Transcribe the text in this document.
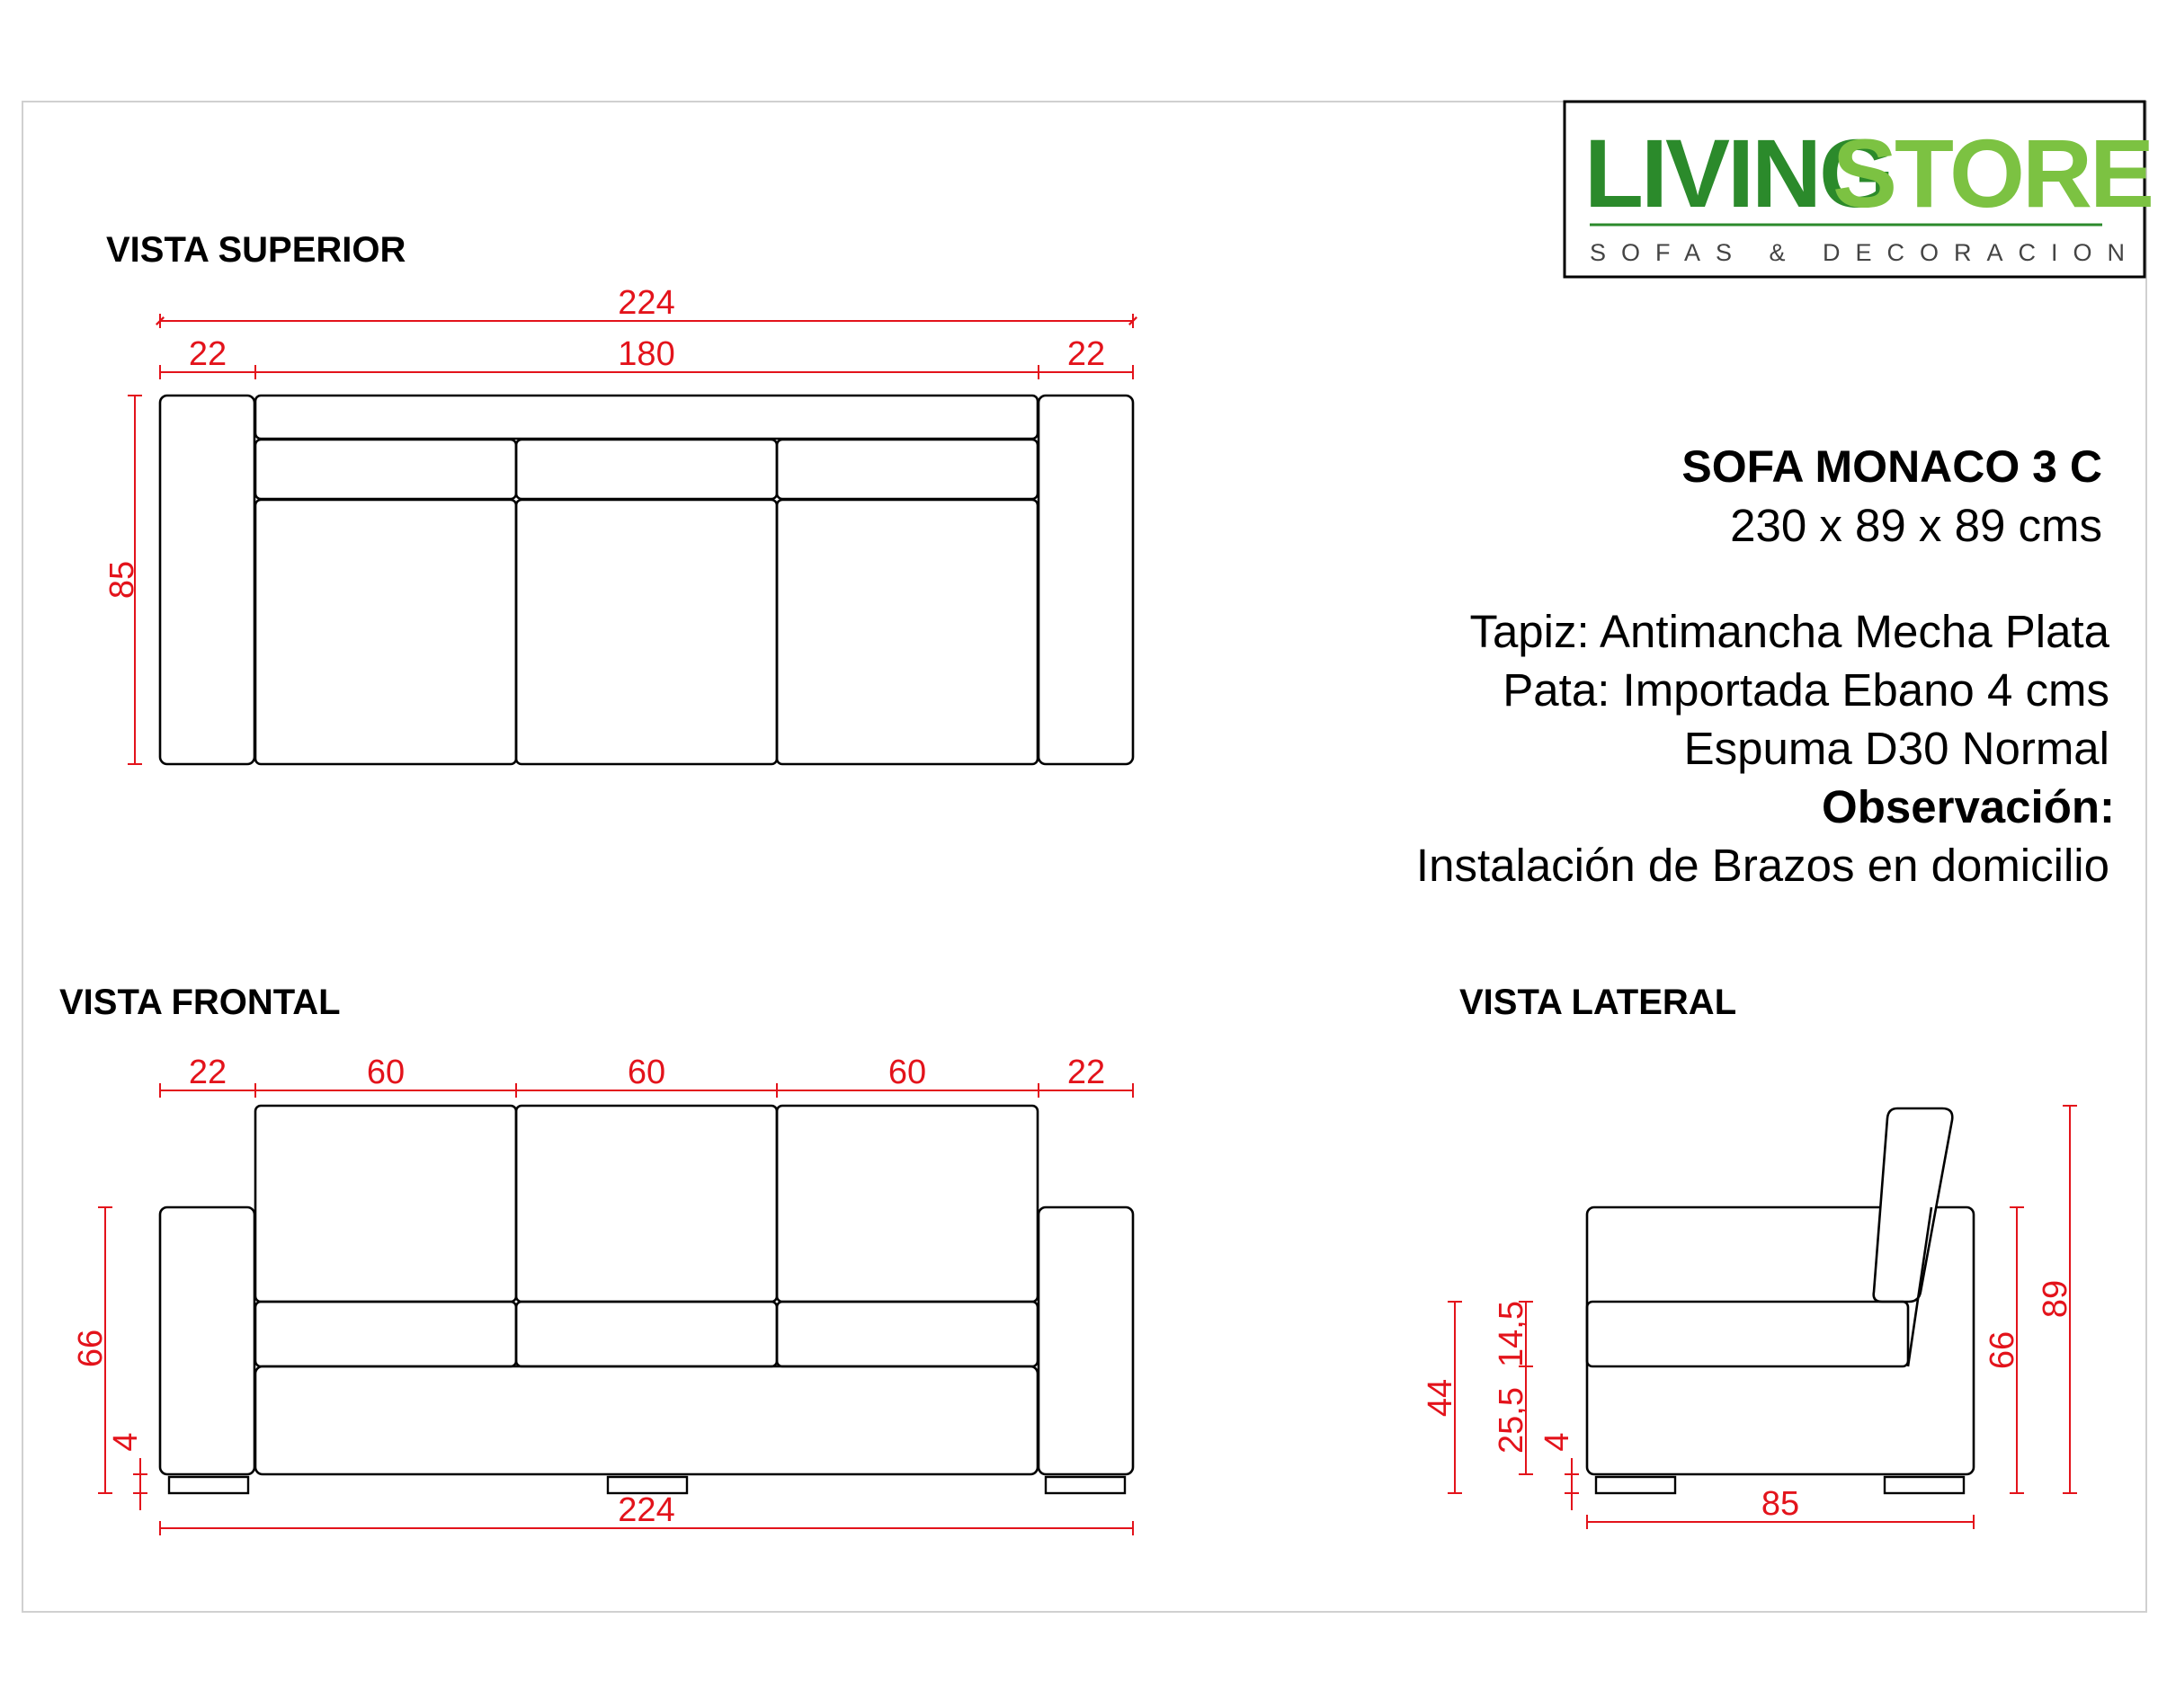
LIVING
STORE
SOFAS & DECORACION
VISTA SUPERIOR
VISTA FRONTAL	VISTA LATERAL
SOFA MONACO 3 C
230 x 89 x 89 cms
Tapiz: Antimancha Mecha Plata
Pata: Importada Ebano 4 cms
Espuma D30 Normal
Observación:
Instalación de Brazos en domicilio
224
22	180	22
85
22	60	60	60	22
224
66
4
85
89
66
44
14,5
25,5 4
